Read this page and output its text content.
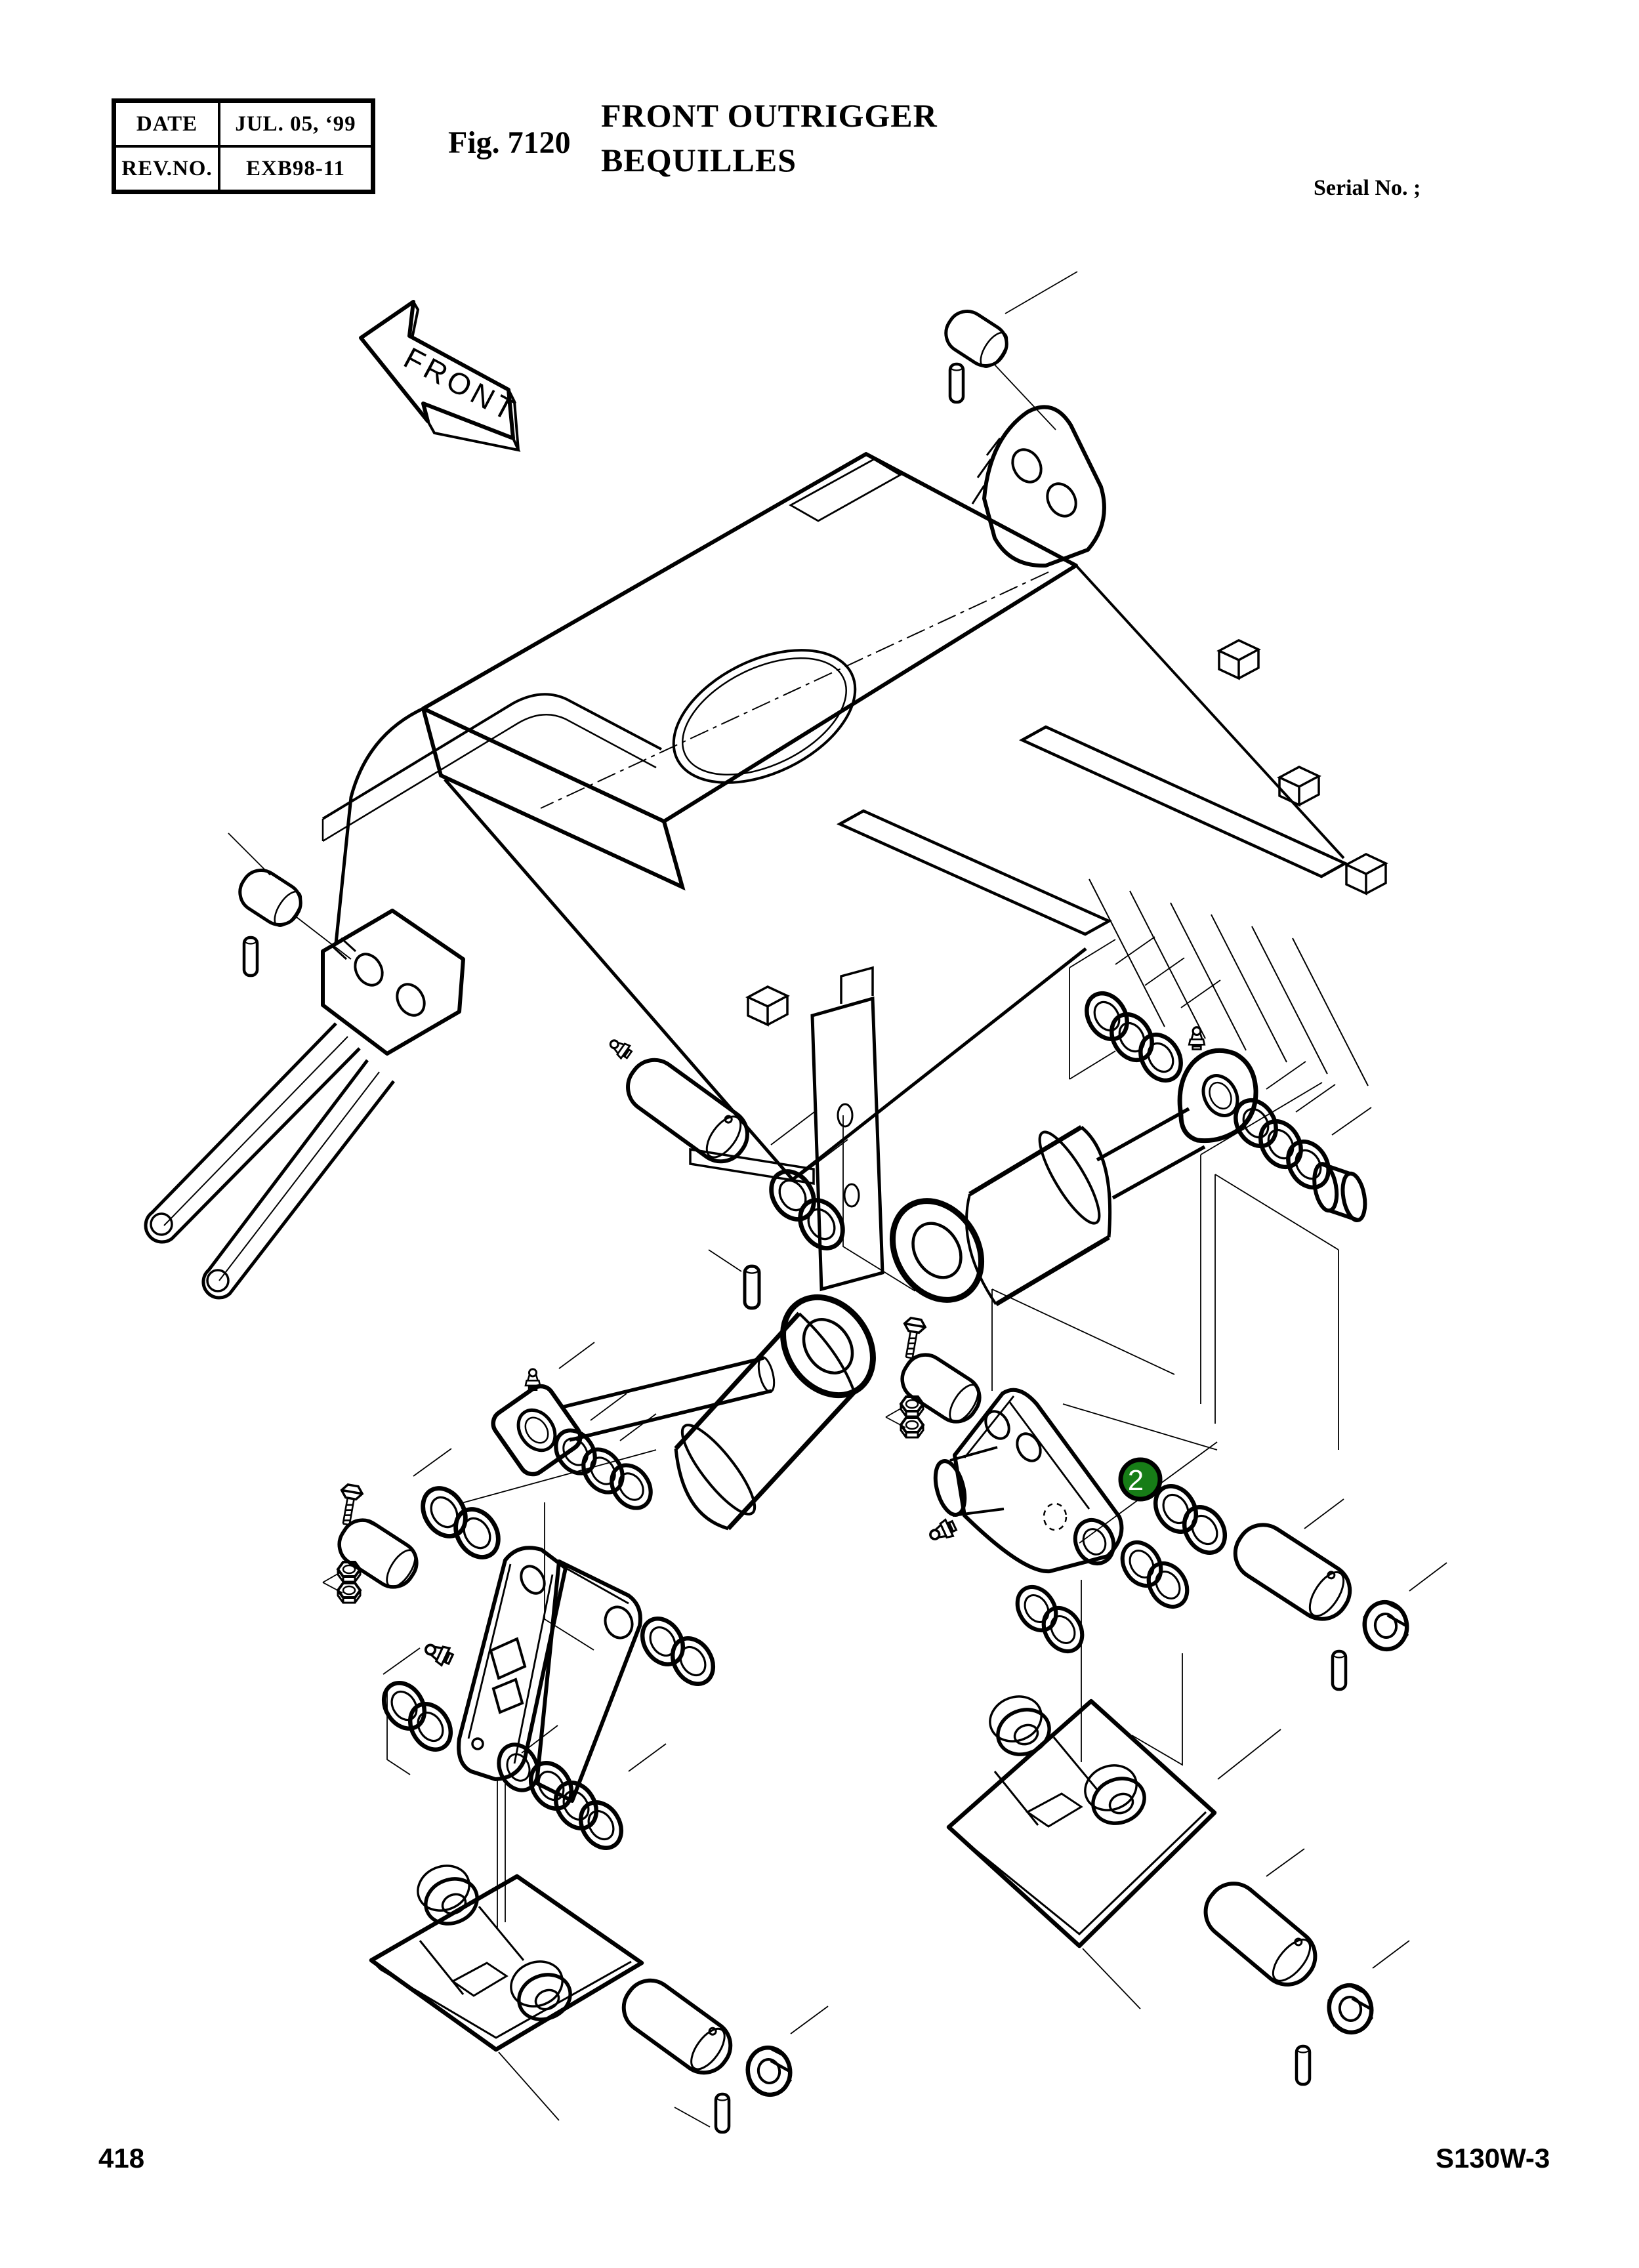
DATE	JUL. 05, ‘99
REV.NO.	EXB98-11
Fig. 7120
FRONT OUTRIGGER
BEQUILLES
Serial No. ;
418	S130W-3
FRONT
2
